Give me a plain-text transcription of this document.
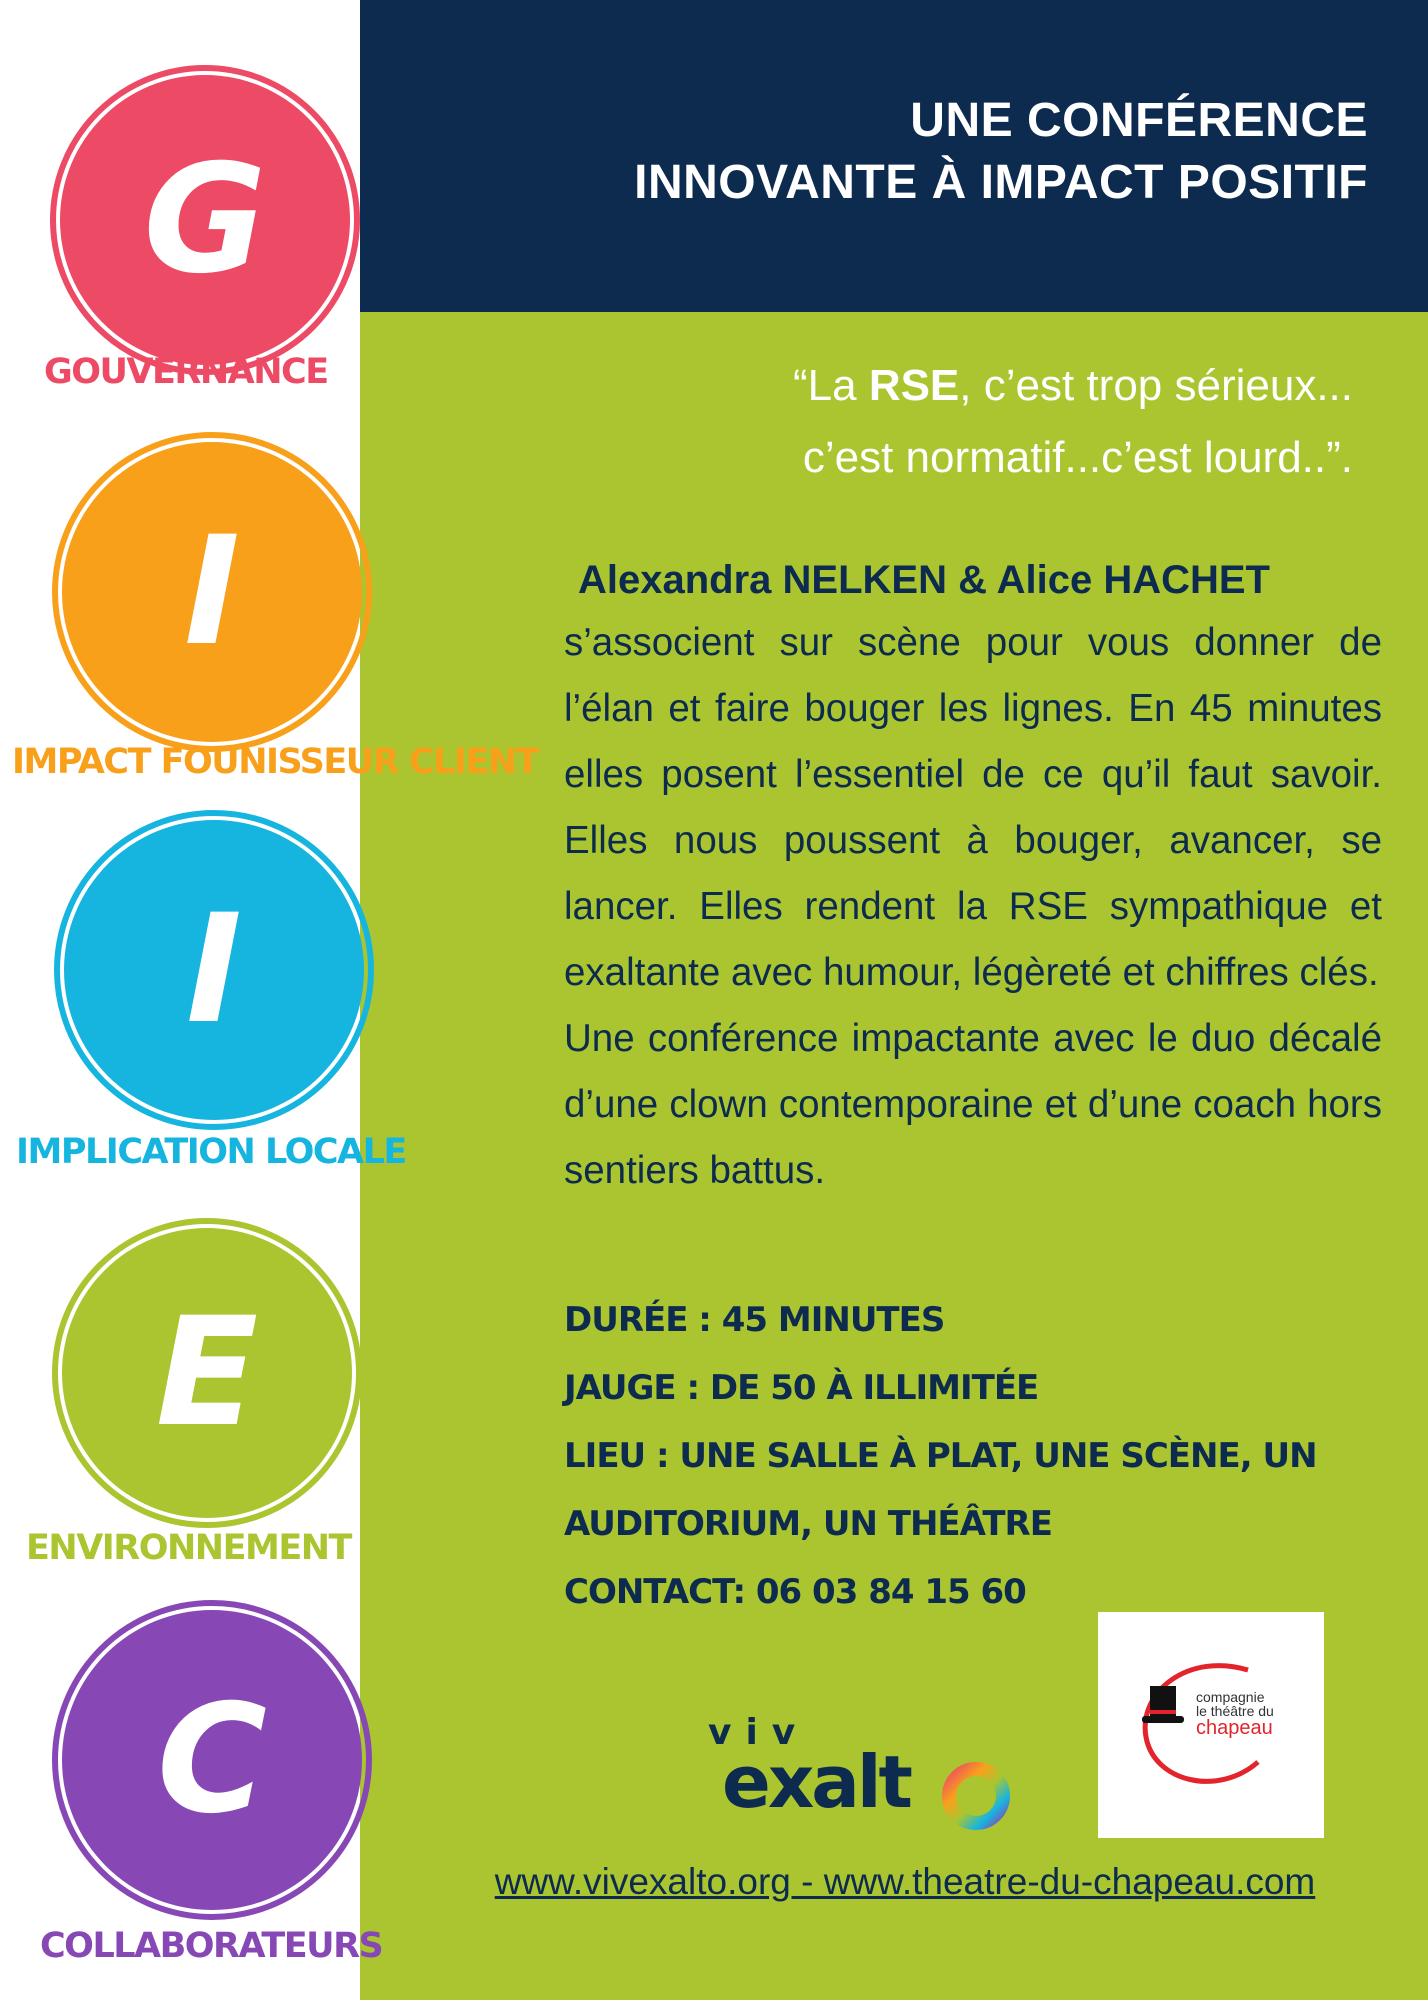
UNE CONFÉRENCE
INNOVANTE À IMPACT POSITIF
“La RSE, c’est trop sérieux...
c’est normatif...c’est lourd..”.
Alexandra NELKEN & Alice HACHET

s’associent sur scène pour vous donner de l’élan et faire bouger les lignes. En 45 minutes elles posent l’essentiel de ce qu’il faut savoir. Elles nous poussent à bouger, avancer, se lancer. Elles rendent la RSE sympathique et exaltante avec humour, légèreté et chiffres clés.

Une conférence impactante avec le duo décalé d’une clown contemporaine et d’une coach hors sentiers battus.

DURÉE : 45 MINUTES
JAUGE : DE 50 À ILLIMITÉE
LIEU : UNE SALLE À PLAT, UNE SCÈNE, UN
AUDITORIUM, UN THÉÂTRE
CONTACT: 06 03 84 15 60
G
GOUVERNANCE
I
IMPACT FOUNISSEUR CLIENT
I
IMPLICATION LOCALE
E
ENVIRONNEMENT
C
COLLABORATEURS
viv
exalt
compagnie
le théâtre du
chapeau
www.vivexalto.org - www.theatre-du-chapeau.com
